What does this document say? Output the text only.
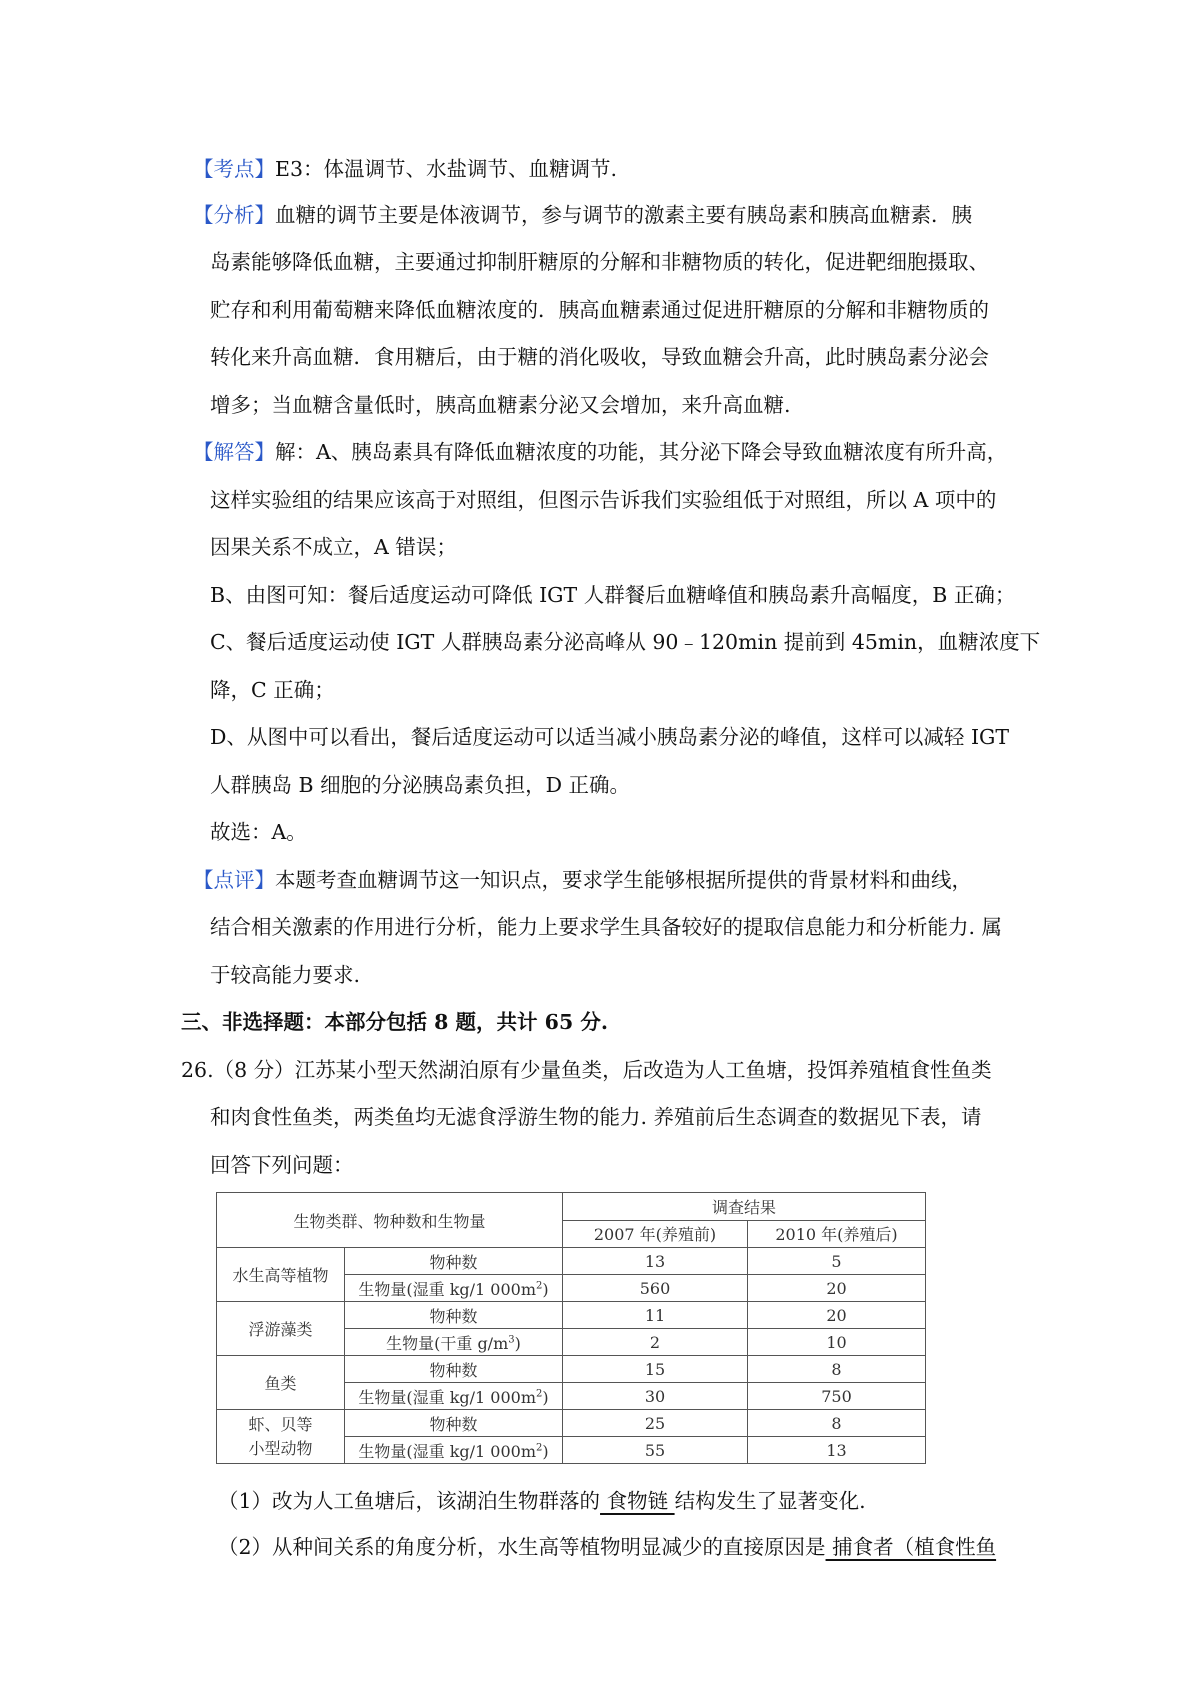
【考点】E3：体温调节、水盐调节、血糖调节.
【分析】血糖的调节主要是体液调节，参与调节的激素主要有胰岛素和胰高血糖素．胰
岛素能够降低血糖，主要通过抑制肝糖原的分解和非糖物质的转化，促进靶细胞摄取、
贮存和利用葡萄糖来降低血糖浓度的．胰高血糖素通过促进肝糖原的分解和非糖物质的
转化来升高血糖．食用糖后，由于糖的消化吸收，导致血糖会升高，此时胰岛素分泌会
增多；当血糖含量低时，胰高血糖素分泌又会增加，来升高血糖.
【解答】解：A、胰岛素具有降低血糖浓度的功能，其分泌下降会导致血糖浓度有所升高，
这样实验组的结果应该高于对照组，但图示告诉我们实验组低于对照组，所以 A 项中的
因果关系不成立，A 错误；
B、由图可知：餐后适度运动可降低 IGT 人群餐后血糖峰值和胰岛素升高幅度，B 正确；
C、餐后适度运动使 IGT 人群胰岛素分泌高峰从 90﹣120min 提前到 45min，血糖浓度下
降，C 正确；
D、从图中可以看出，餐后适度运动可以适当减小胰岛素分泌的峰值，这样可以减轻 IGT
人群胰岛 B 细胞的分泌胰岛素负担，D 正确。
故选：A。
【点评】本题考查血糖调节这一知识点，要求学生能够根据所提供的背景材料和曲线，
结合相关激素的作用进行分析，能力上要求学生具备较好的提取信息能力和分析能力. 属
于较高能力要求.
三、非选择题：本部分包括 8 题，共计 65 分.
26.（8 分）江苏某小型天然湖泊原有少量鱼类，后改造为人工鱼塘，投饵养殖植食性鱼类
和肉食性鱼类，两类鱼均无滤食浮游生物的能力. 养殖前后生态调查的数据见下表，请
回答下列问题：
生物类群、物种数和生物量		调查结果	
		2007 年(养殖前)	2010 年(养殖后)
水生高等植物	物种数	13	5
	生物量(湿重 kg/1 $000m^2$)	560	20
浮游藻类	物种数	11	20
	生物量(干重 $g/m^3$)	2	10
鱼类	物种数	15	8
	生物量(湿重 kg/1 $000m^2$)	30	750
虾、贝等
小型动物	物种数	25	8
	生物量(湿重 kg/1 $000m^2$)	55	13
（1）改为人工鱼塘后，该湖泊生物群落的 食物链 结构发生了显著变化.
（2）从种间关系的角度分析，水生高等植物明显减少的直接原因是 捕食者（植食性鱼
